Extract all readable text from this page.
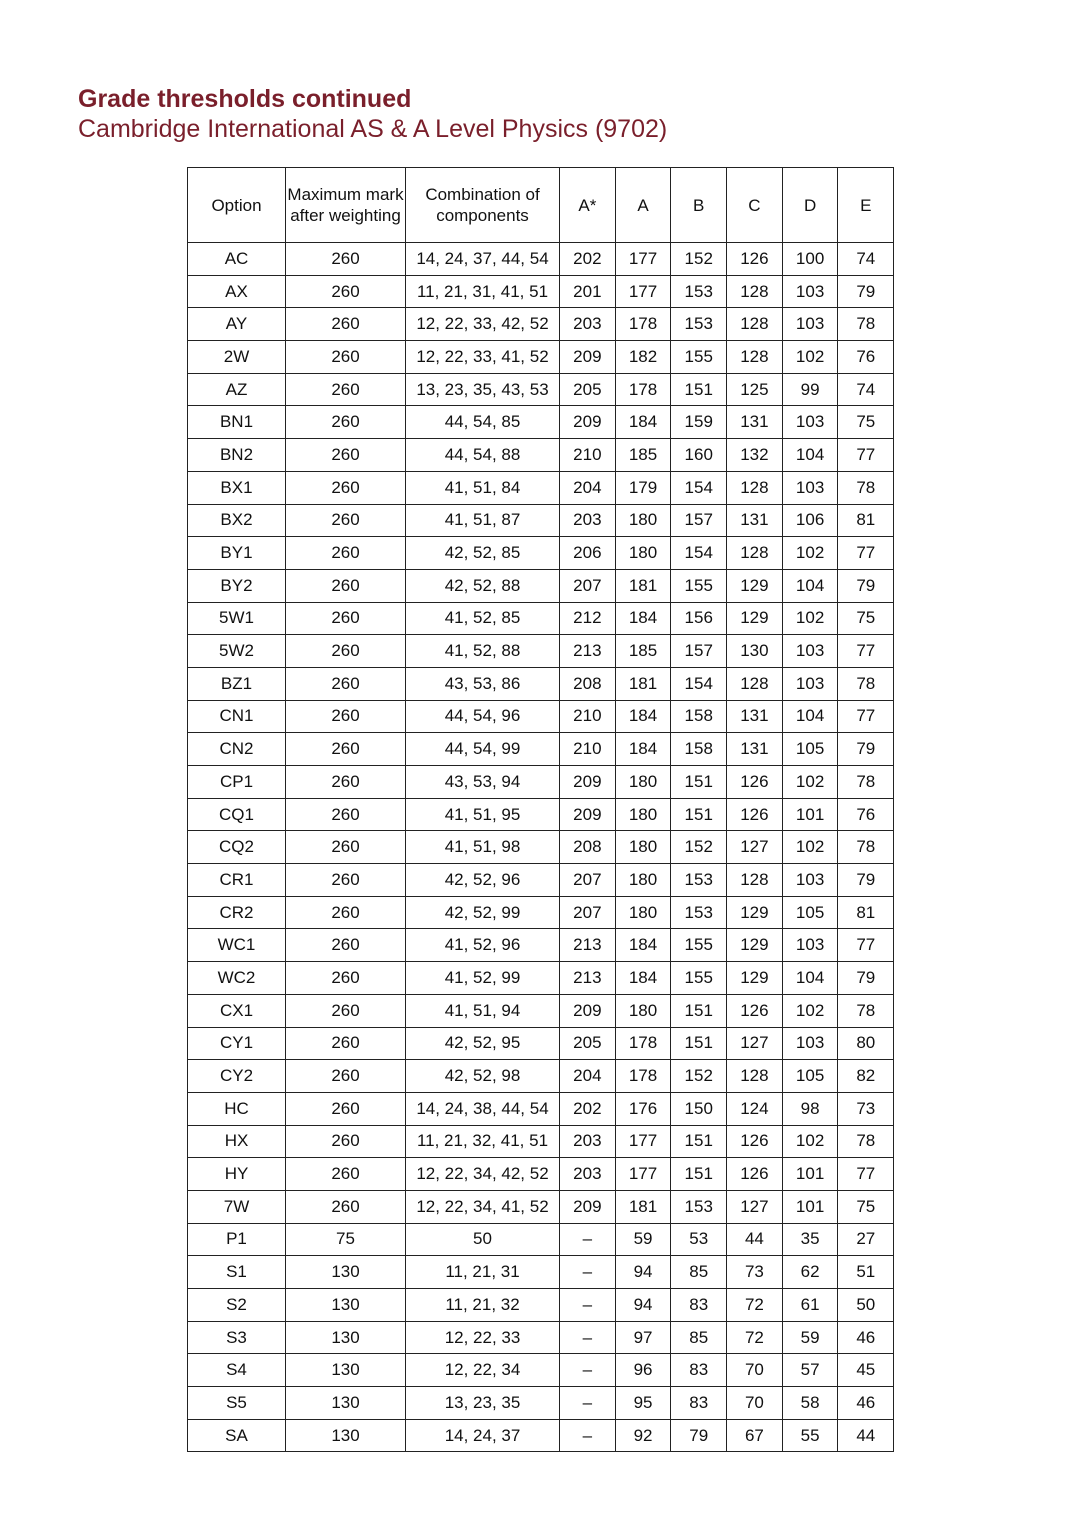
Grade thresholds continued
Cambridge International AS & A Level Physics (9702)
Option	Maximum mark after weighting	Combination of components	A*	A	B	C	D	E
AC	260	14, 24, 37, 44, 54	202	177	152	126	100	74
AX	260	11, 21, 31, 41, 51	201	177	153	128	103	79
AY	260	12, 22, 33, 42, 52	203	178	153	128	103	78
2W	260	12, 22, 33, 41, 52	209	182	155	128	102	76
AZ	260	13, 23, 35, 43, 53	205	178	151	125	99	74
BN1	260	44, 54, 85	209	184	159	131	103	75
BN2	260	44, 54, 88	210	185	160	132	104	77
BX1	260	41, 51, 84	204	179	154	128	103	78
BX2	260	41, 51, 87	203	180	157	131	106	81
BY1	260	42, 52, 85	206	180	154	128	102	77
BY2	260	42, 52, 88	207	181	155	129	104	79
5W1	260	41, 52, 85	212	184	156	129	102	75
5W2	260	41, 52, 88	213	185	157	130	103	77
BZ1	260	43, 53, 86	208	181	154	128	103	78
CN1	260	44, 54, 96	210	184	158	131	104	77
CN2	260	44, 54, 99	210	184	158	131	105	79
CP1	260	43, 53, 94	209	180	151	126	102	78
CQ1	260	41, 51, 95	209	180	151	126	101	76
CQ2	260	41, 51, 98	208	180	152	127	102	78
CR1	260	42, 52, 96	207	180	153	128	103	79
CR2	260	42, 52, 99	207	180	153	129	105	81
WC1	260	41, 52, 96	213	184	155	129	103	77
WC2	260	41, 52, 99	213	184	155	129	104	79
CX1	260	41, 51, 94	209	180	151	126	102	78
CY1	260	42, 52, 95	205	178	151	127	103	80
CY2	260	42, 52, 98	204	178	152	128	105	82
HC	260	14, 24, 38, 44, 54	202	176	150	124	98	73
HX	260	11, 21, 32, 41, 51	203	177	151	126	102	78
HY	260	12, 22, 34, 42, 52	203	177	151	126	101	77
7W	260	12, 22, 34, 41, 52	209	181	153	127	101	75
P1	75	50	–	59	53	44	35	27
S1	130	11, 21, 31	–	94	85	73	62	51
S2	130	11, 21, 32	–	94	83	72	61	50
S3	130	12, 22, 33	–	97	85	72	59	46
S4	130	12, 22, 34	–	96	83	70	57	45
S5	130	13, 23, 35	–	95	83	70	58	46
SA	130	14, 24, 37	–	92	79	67	55	44
